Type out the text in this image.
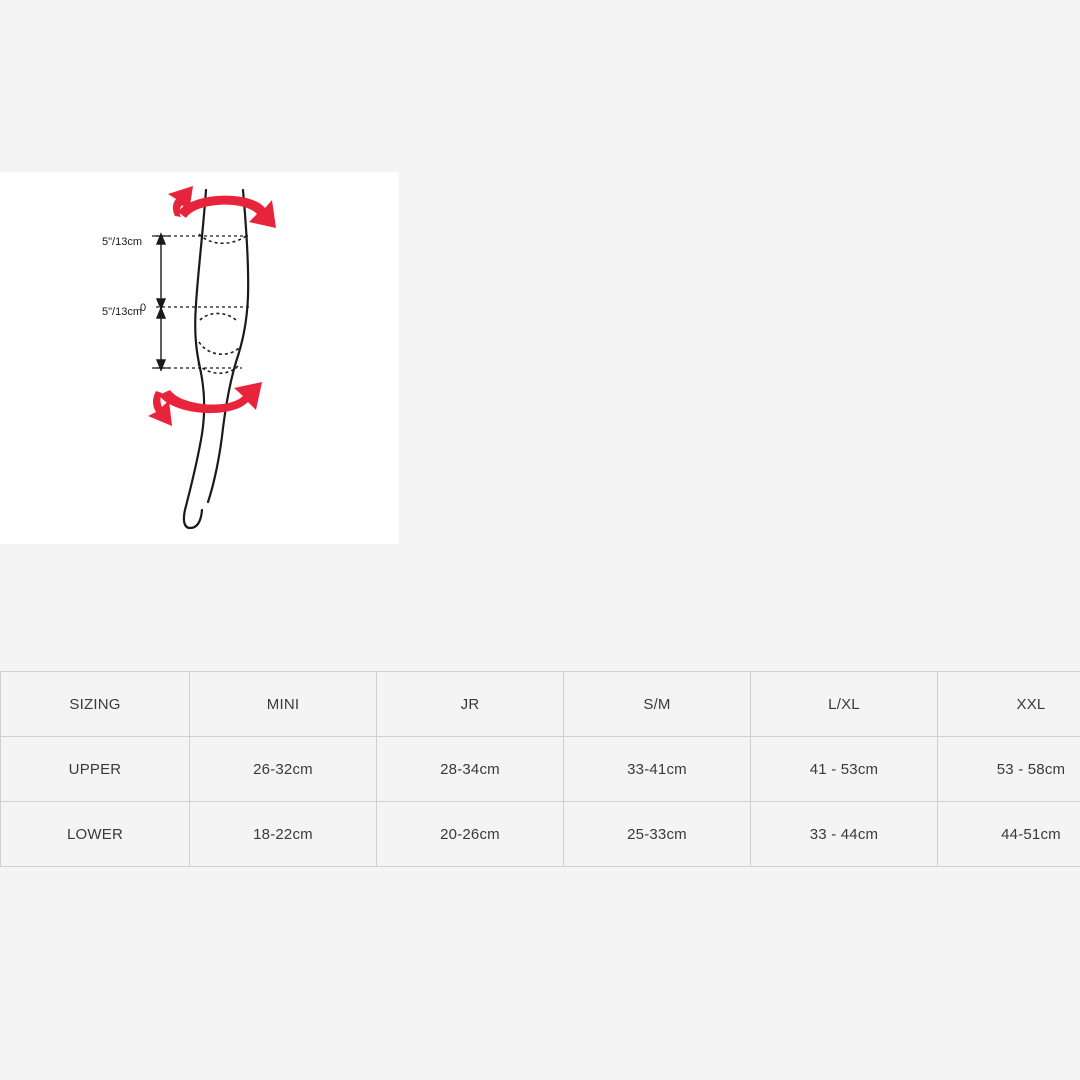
5"/13cm
5"/13cm
0
SIZING	MINI	JR	S/M	L/XL	XXL
UPPER	26-32cm	28-34cm	33-41cm	41 - 53cm	53 - 58cm
LOWER	18-22cm	20-26cm	25-33cm	33 - 44cm	44-51cm
